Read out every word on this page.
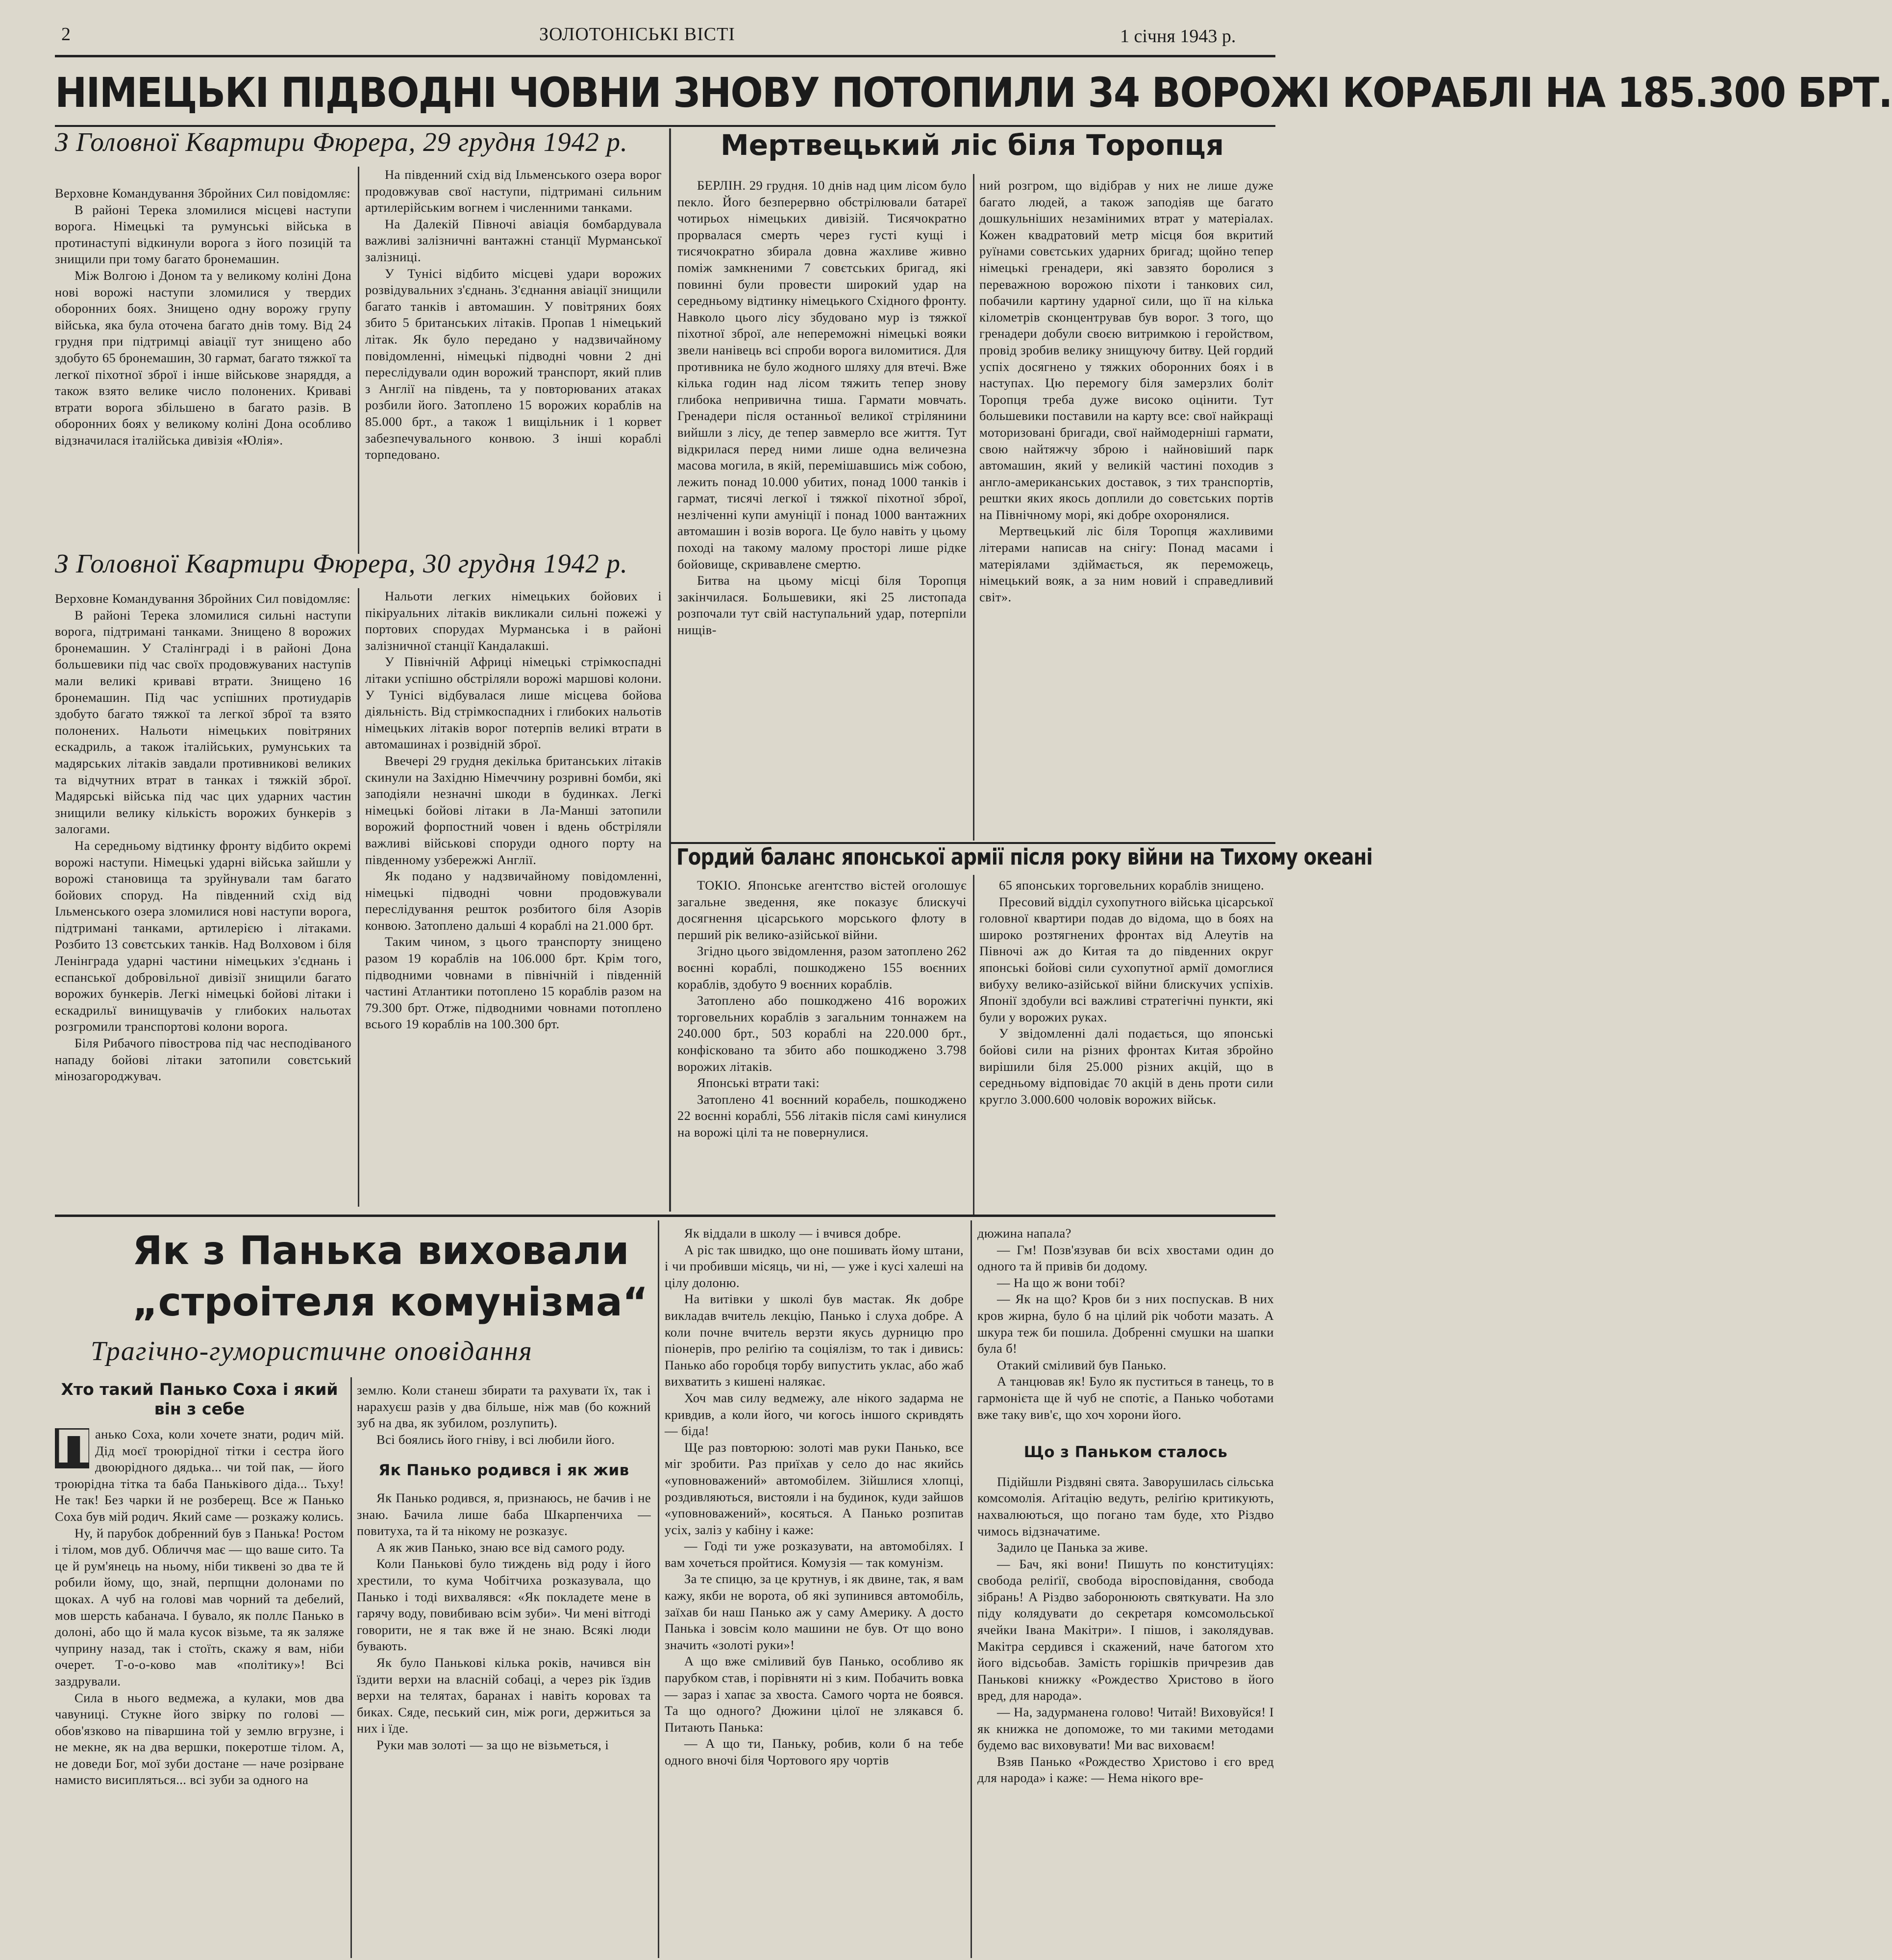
2	ЗОЛОТОНІСЬКІ ВІСТІ	1 січня 1943 р.
НІМЕЦЬКІ ПІДВОДНІ ЧОВНИ ЗНОВУ ПОТОПИЛИ 34 ВОРОЖІ КОРАБЛІ НА 185.300 БРТ.
З Головної Квартири Фюрера, 29 грудня 1942 р.

Верховне Командування Збройних Сил повідомляє:

В районі Терека зломилися місцеві наступи ворога. Німецькі та румунські війська в протинаступі відкинули ворога з його позицій та знищили при тому багато бронемашин.

Між Волгою і Доном та у великому коліні Дона нові ворожі наступи зломилися у твердих оборонних боях. Знищено одну ворожу групу війська, яка була оточена багато днів тому. Від 24 грудня при підтримці авіації тут знищено або здобуто 65 бронемашин, 30 гармат, багато тяжкої та легкої піхотної зброї і інше військове знаряддя, а також взято велике число полонених. Криваві втрати ворога збільшено в багато разів. В оборонних боях у великому коліні Дона особливо відзначилася італійська дивізія «Юлія».

На південний схід від Ільменського озера ворог продовжував свої наступи, підтримані сильним артилерійським вогнем і численними танками.

На Далекій Півночі авіація бомбардувала важливі залізничні вантажні станції Мурманської залізниці.

У Тунісі відбито місцеві удари ворожих розвідувальних з'єднань. З'єднання авіації знищили багато танків і автомашин. У повітряних боях збито 5 британських літаків. Пропав 1 німецький літак. Як було передано у надзвичайному повідомленні, німецькі підводні човни 2 дні переслідували один ворожий транспорт, який плив з Англії на південь, та у повторюваних атаках розбили його. Затоплено 15 ворожих кораблів на 85.000 брт., а також 1 вищільник і 1 корвет забезпечувального конвою. З інші кораблі торпедовано.

З Головної Квартири Фюрера, 30 грудня 1942 р.

Верховне Командування Збройних Сил повідомляє:

В районі Терека зломилися сильні наступи ворога, підтримані танками. Знищено 8 ворожих бронемашин. У Сталінграді і в районі Дона большевики під час своїх продовжуваних наступів мали великі криваві втрати. Знищено 16 бронемашин. Під час успішних протиударів здобуто багато тяжкої та легкої зброї та взято полонених. Нальоти німецьких повітряних ескадриль, а також італійських, румунських та мадярських літаків завдали противникові великих та відчутних втрат в танках і тяжкій зброї. Мадярські війська під час цих ударних частин знищили велику кількість ворожих бункерів з залогами.

На середньому відтинку фронту відбито окремі ворожі наступи. Німецькі ударні війська зайшли у ворожі становища та зруйнували там багато бойових споруд. На південний схід від Ільменського озера зломилися нові наступи ворога, підтримані танками, артилерією і літаками. Розбито 13 совєтських танків. Над Волховом і біля Ленінграда ударні частини німецьких з'єднань і еспанської добровільної дивізії знищили багато ворожих бункерів. Легкі німецькі бойові літаки і ескадрильї винищувачів у глибоких нальотах розгромили транспортові колони ворога.

Біля Рибачого півострова під час несподіваного нападу бойові літаки затопили совєтський мінозагороджувач.

Нальоти легких німецьких бойових і пікіруальних літаків викликали сильні пожежі у портових спорудах Мурманська і в районі залізничної станції Кандалакші.

У Північній Африці німецькі стрімкоспадні літаки успішно обстріляли ворожі маршові колони. У Тунісі відбувалася лише місцева бойова діяльність. Від стрімкоспадних і глибоких нальотів німецьких літаків ворог потерпів великі втрати в автомашинах і розвідній зброї.

Ввечері 29 грудня декілька британських літаків скинули на Західню Німеччину розривні бомби, які заподіяли незначні шкоди в будинках. Легкі німецькі бойові літаки в Ла-Манші затопили ворожий форпостний човен і вдень обстріляли важливі військові споруди одного порту на південному узбережжі Англії.

Як подано у надзвичайному повідомленні, німецькі підводні човни продовжували переслідування решток розбитого біля Азорів конвою. Затоплено дальші 4 кораблі на 21.000 брт.

Таким чином, з цього транспорту знищено разом 19 кораблів на 106.000 брт. Крім того, підводними човнами в північній і південній частині Атлантики потоплено 15 кораблів разом на 79.300 брт. Отже, підводними човнами потоплено всього 19 кораблів на 100.300 брт.

Мертвецький ліс біля Торопця

БЕРЛІН. 29 грудня. 10 днів над цим лісом було пекло. Його безперервно обстрілювали батареї чотирьох німецьких дивізій. Тисячократно прорвалася смерть через густі кущі і тисячократно збирала довна жахливе живно поміж замкненими 7 совєтських бригад, які повинні були провести широкий удар на середньому відтинку німецького Східного фронту. Навколо цього лісу збудовано мур із тяжкої піхотної зброї, але непереможні німецькі вояки звели нанівець всі спроби ворога виломитися. Для противника не було жодного шляху для втечі. Вже кілька годин над лісом тяжить тепер знову глибока непривична тиша. Гармати мовчать. Гренадери після останньої великої стрілянини вийшли з лісу, де тепер завмерло все життя. Тут відкрилася перед ними лише одна величезна масова могила, в якій, перемішавшись між собою, лежить понад 10.000 убитих, понад 1000 танків і гармат, тисячі легкої і тяжкої піхотної зброї, незліченні купи амуніції і понад 1000 вантажних автомашин і возів ворога. Це було навіть у цьому поході на такому малому просторі лише рідке бойовище, скривавлене смертю.

Битва на цьому місці біля Торопця закінчилася. Большевики, які 25 листопада розпочали тут свій наступальний удар, потерпіли нищів-

ний розгром, що відібрав у них не лише дуже багато людей, а також заподіяв ще багато дошкульніших незамінимих втрат у матеріалах. Кожен квадратовий метр місця боя вкритий руїнами совєтських ударних бригад; щойно тепер німецькі гренадери, які завзято боролися з переважною ворожою піхоти і танкових сил, побачили картину ударної сили, що її на кілька кілометрів сконцентрував був ворог. З того, що гренадери добули своєю витримкою і геройством, провід зробив велику знищуючу битву. Цей гордий успіх досягнено у тяжких оборонних боях і в наступах. Цю перемогу біля замерзлих боліт Торопця треба дуже високо оцінити. Тут большевики поставили на карту все: свої найкращі моторизовані бригади, свої наймодерніші гармати, свою найтяжчу зброю і найновіший парк автомашин, який у великій частині походив з англо-американських доставок, з тих транспортів, рештки яких якось доплили до совєтських портів на Північному морі, які добре охоронялися.

Мертвецький ліс біля Торопця жахливими літерами написав на снігу: Понад масами і матеріялами здіймається, як переможець, німецький вояк, а за ним новий і справедливий світ».

Гордий баланс японської армії після року війни на Тихому океані

ТОКІО. Японське агентство вістей оголошує загальне зведення, яке показує блискучі досягнення цісарського морського флоту в перший рік велико-азійської війни.

Згідно цього звідомлення, разом затоплено 262 воєнні кораблі, пошкоджено 155 воєнних кораблів, здобуто 9 воєнних кораблів.

Затоплено або пошкоджено 416 ворожих торговельних кораблів з загальним тоннажем на 240.000 брт., 503 кораблі на 220.000 брт., конфісковано та збито або пошкоджено 3.798 ворожих літаків.

Японські втрати такі:

Затоплено 41 воєнний корабель, пошкоджено 22 воєнні кораблі, 556 літаків після самі кинулися на ворожі цілі та не повернулися.

65 японських торговельних кораблів знищено.

Пресовий відділ сухопутного війська цісарської головної квартири подав до відома, що в боях на широко розтягнених фронтах від Алеутів на Півночі аж до Китая та до південних округ японські бойові сили сухопутної армії домоглися вибуху велико-азійської війни блискучих успіхів. Японії здобули всі важливі стратегічні пункти, які були у ворожих руках.

У звідомленні далі подається, що японські бойові сили на різних фронтах Китая збройно вирішили біля 25.000 різних акцій, що в середньому відповідає 70 акцій в день проти сили кругло 3.000.600 чоловік ворожих військ.

Як з Панька виховали
„строітеля комунізма“
Трагічно-гумористичне оповідання
Хто такий Панько Соха і який він з себе

П анько Соха, коли хочете знати, родич мій. Дід моєї троюрідної тітки і сестра його двоюрідного дядька... чи той пак, — його троюрідна тітка та баба Паньківого діда... Тьху! Не так! Без чарки й не розберещ. Все ж Панько Соха був мій родич. Який саме — розкажу колись.

Ну, й парубок добренний був з Панька! Ростом і тілом, мов дуб. Обличчя має — що ваше сито. Та це й рум'янець на ньому, ніби тиквені зо два те й робили йому, що, знай, перпщни долонами по щоках. А чуб на голові мав чорний та дебелий, мов шерсть кабанача. І бувало, як поллє Панько в долоні, або що й мала кусок візьме, та як заляже чуприну назад, так і стоїть, скажу я вам, ніби очерет. Т-о-о-ково мав «політику»! Всі заздрували.

Сила в нього ведмежа, а кулаки, мов два чавуниці. Стукне його звірку по голові — обов'язково на півaршина той у землю вгрузне, і не мекне, як на два вершки, покеротше тілом. А, не доведи Бог, мої зуби достане — наче розірване намисто висипляться... всі зуби за одного на

землю. Коли станеш збирати та рахувати їх, так і нарахуєш разів у два більше, ніж мав (бо кожний зуб на два, як зубилом, розлупить).

Всі боялись його гніву, і всі любили його.

Як Панько родився і як жив

Як Панько родився, я, признаюсь, не бачив і не знаю. Бачила лише баба Шкарпенчиха — повитуха, та й та нікому не розказує.

А як жив Панько, знаю все від самого роду.

Коли Панькові було тиждень від роду і його хрестили, то кума Чобітчиха розказувала, що Панько і тоді вихвалявся: «Як покладете мене в гарячу воду, повибиваю всім зуби». Чи мені вітгоді говорити, не я так вже й не знаю. Всякі люди бувають.

Як було Панькові кілька років, начився він їздити верхи на власній собаці, а через рік їздив верхи на телятах, баранах і навіть коровах та биках. Сяде, песький син, між роги, держиться за них і їде.

Руки мав золоті — за що не візьметься, і

Як віддали в школу — і вчився добре.

А ріс так швидко, що оне пошивать йому штани, і чи пробивши місяць, чи ні, — уже і кусі халеші на цілу долоню.

На витівки у школі був мастак. Як добре викладав вчитель лекцію, Панько і слуха добре. А коли почне вчитель верзти якусь дурницю про піонерів, про реліґію та соціялізм, то так і дивись: Панько або горобця торбу випустить уклас, або жаб вихватить з кишені налякає.

Хоч мав силу ведмежу, але нікого задарма не кривдив, а коли його, чи когось іншого скривдять — біда!

Ще раз повторюю: золоті мав руки Панько, все міг зробити. Раз приїхав у село до нас якийсь «уповноважений» автомобілем. Зійшлися хлопці, роздивляються, вистояли і на будинок, куди зайшов «уповноважений», косяться. А Панько розпитав усіх, заліз у кабіну і каже:

— Годі ти уже розказувати, на автомобілях. І вам хочеться пройтися. Комузія — так комунізм.

За те спицю, за це крутнув, і як двине, так, я вам кажу, якби не ворота, об які зупинився автомобіль, заїхав би наш Панько аж у саму Америку. А досто Панька і зовсім коло машини не був. От що воно значить «золоті руки»!

А що вже сміливий був Панько, особливо як парубком став, і порівняти ні з ким. Побачить вовка — зараз і хапає за хвоста. Самого чорта не боявся. Та що одного? Дюжини цілої не злякався б. Питають Панька:

— А що ти, Паньку, робив, коли б на тебе одного вночі біля Чортового яру чортів

дюжина напала?

— Гм! Позв'язував би всіх хвостами один до одного та й привів би додому.

— На що ж вони тобі?

— Як на що? Кров би з них поспускав. В них кров жирна, було б на цілий рік чоботи мазать. А шкура теж би пошила. Добренні смушки на шапки була б!

Отакий сміливий був Панько.

А танцював як! Було як пуститься в танець, то в гармонієта ще й чуб не спотіє, а Панько чоботами вже таку вив'є, що хоч хорони його.

Що з Паньком сталось

Підійшли Різдвяні свята. Заворушилась сільська комсомолія. Аґітацію ведуть, реліґію критикують, нахвалюються, що погано там буде, хто Різдво чимось відзначатиме.

Задило це Панька за живе.

— Бач, які вони! Пишуть по конституціях: свобода реліґії, свобода віросповідання, свобода зібрань! А Різдво заборонюють святкувати. На зло піду колядувати до секретаря комсомольської ячейки Івана Макітри». І пішов, і заколядував. Макітра сердився і скажений, наче батогом хто його відсьобав. Замість горішків причрезив дав Панькові книжку «Рождество Христово в його вред, для народа».

— На, задурманена голово! Читай! Виховуйся! І як книжка не допоможе, то ми такими методами будемо вас виховувати! Ми вас виховаєм!

Взяв Панько «Рождество Христово і єго вред для народа» і каже: — Нема нікого вре-
